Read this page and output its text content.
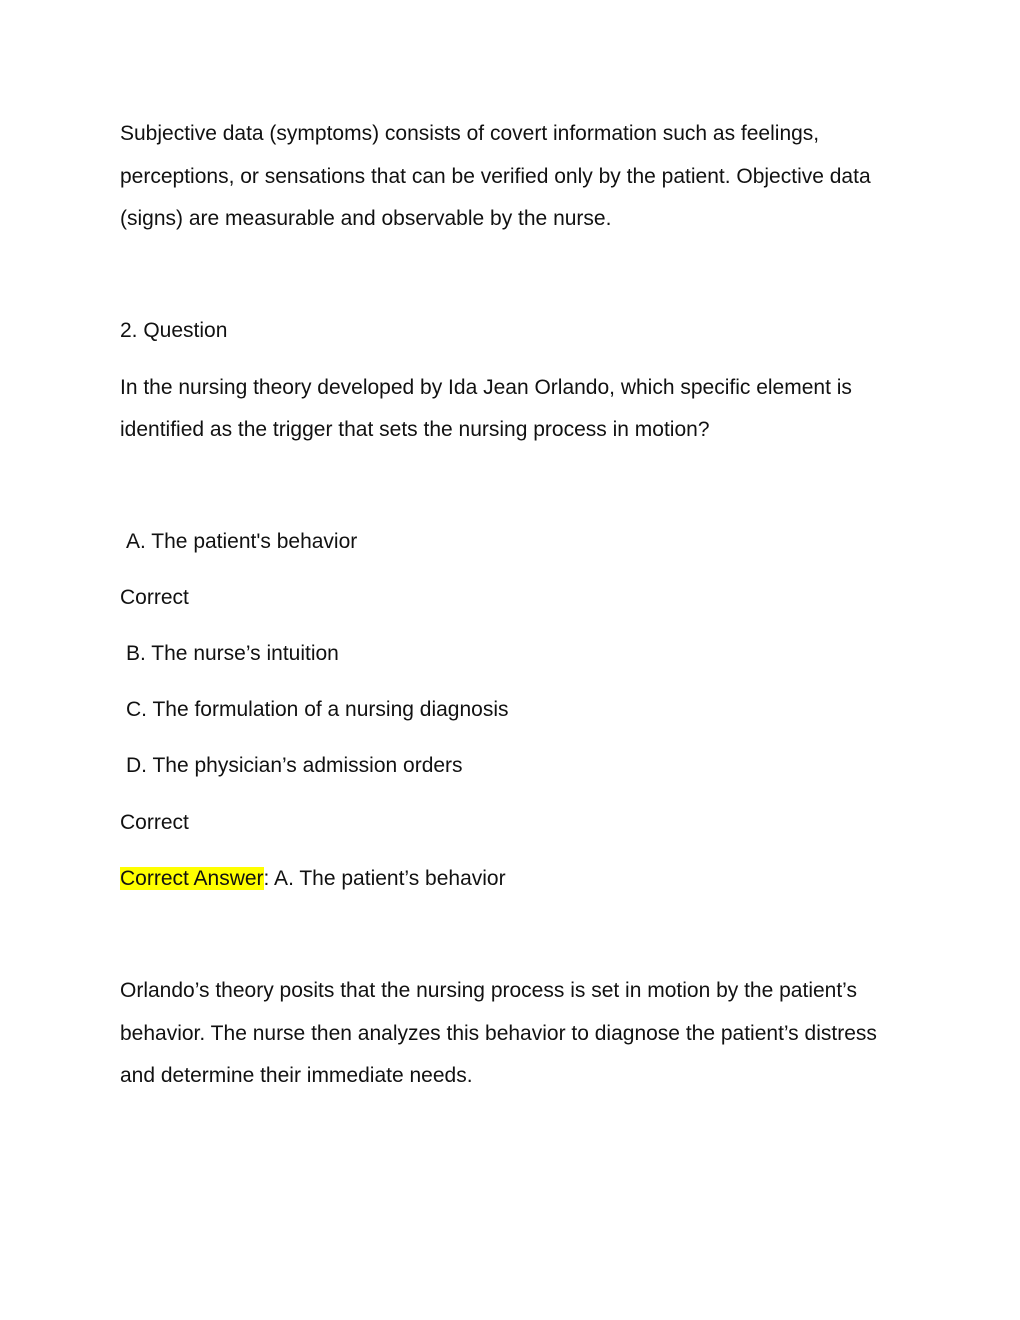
Subjective data (symptoms) consists of covert information such as feelings,
perceptions, or sensations that can be verified only by the patient. Objective data
(signs) are measurable and observable by the nurse.
2. Question
In the nursing theory developed by Ida Jean Orlando, which specific element is
identified as the trigger that sets the nursing process in motion?
A. The patient's behavior
Correct
B. The nurse’s intuition
C. The formulation of a nursing diagnosis
D. The physician’s admission orders
Correct
Correct Answer: A. The patient’s behavior
Orlando’s theory posits that the nursing process is set in motion by the patient’s
behavior. The nurse then analyzes this behavior to diagnose the patient’s distress
and determine their immediate needs.
